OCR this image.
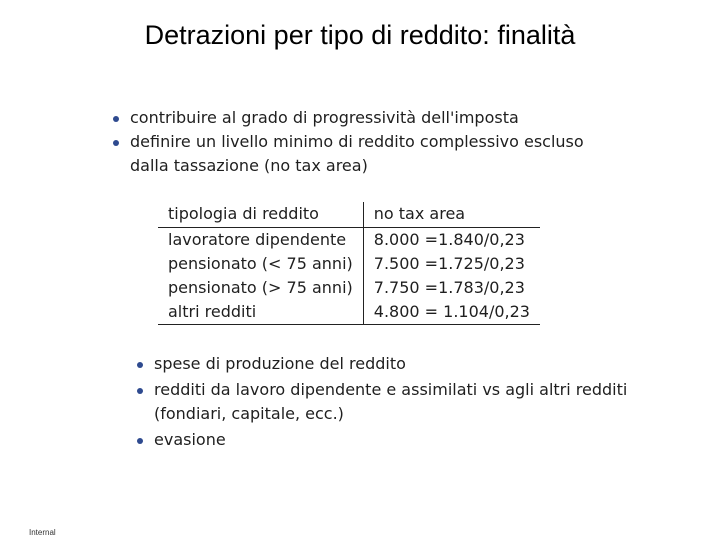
Detrazioni per tipo di reddito: finalità
contribuire al grado di progressività dell'imposta
definire un livello minimo di reddito complessivo escluso dalla tassazione (no tax area)
tipologia di reddito	no tax area
lavoratore dipendente	8.000 =1.840/0,23
pensionato (< 75 anni)	7.500 =1.725/0,23
pensionato (> 75 anni)	7.750 =1.783/0,23
altri redditi	4.800 = 1.104/0,23
spese di produzione del reddito
redditi da lavoro dipendente e assimilati vs agli altri redditi (fondiari, capitale, ecc.)
evasione
Internal
